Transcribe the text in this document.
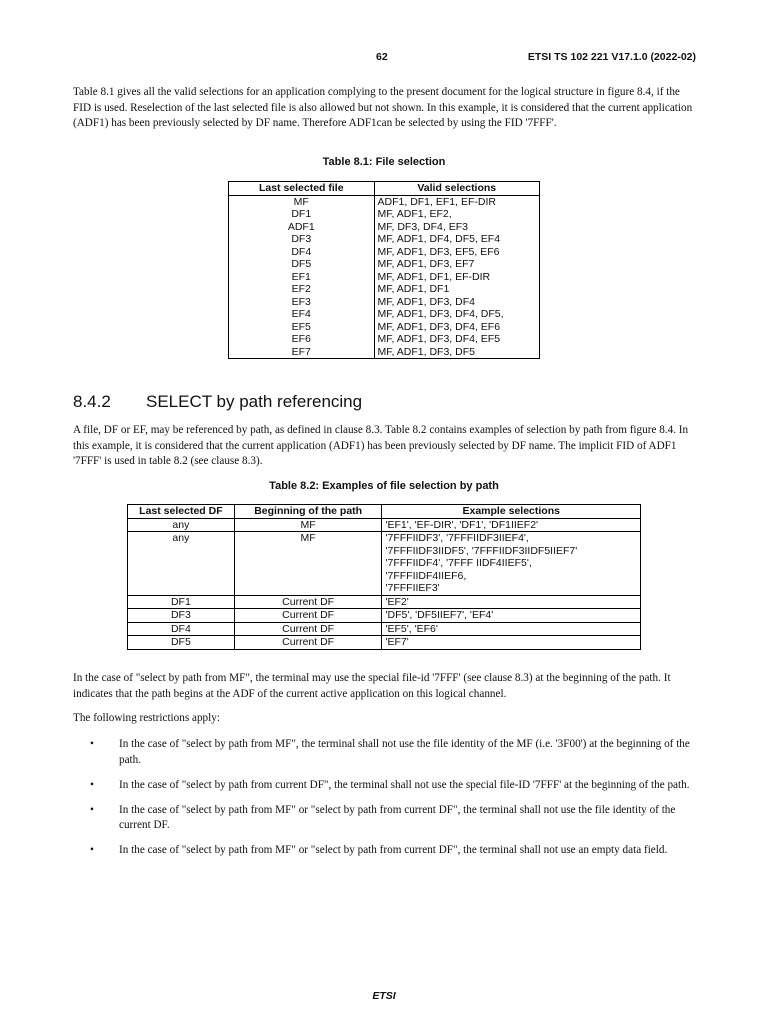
62	ETSI TS 102 221 V17.1.0 (2022-02)
Table 8.1 gives all the valid selections for an application complying to the present document for the logical structure in figure 8.4, if the FID is used. Reselection of the last selected file is also allowed but not shown. In this example, it is considered that the current application (ADF1) has been previously selected by DF name. Therefore ADF1can be selected by using the FID '7FFF'.
Table 8.1: File selection
Last selected file	Valid selections
MF	ADF1, DF1, EF1, EF-DIR
DF1	MF, ADF1, EF2,
ADF1	MF, DF3, DF4, EF3
DF3	MF, ADF1, DF4, DF5, EF4
DF4	MF, ADF1, DF3, EF5, EF6
DF5	MF, ADF1, DF3, EF7
EF1	MF, ADF1, DF1, EF-DIR
EF2	MF, ADF1, DF1
EF3	MF, ADF1, DF3, DF4
EF4	MF, ADF1, DF3, DF4, DF5,
EF5	MF, ADF1, DF3, DF4, EF6
EF6	MF, ADF1, DF3, DF4, EF5
EF7	MF, ADF1, DF3, DF5
8.4.2 SELECT by path referencing
A file, DF or EF, may be referenced by path, as defined in clause 8.3. Table 8.2 contains examples of selection by path from figure 8.4. In this example, it is considered that the current application (ADF1) has been previously selected by DF name. The implicit FID of ADF1 '7FFF' is used in table 8.2 (see clause 8.3).
Table 8.2: Examples of file selection by path
Last selected DF	Beginning of the path	Example selections
any	MF	'EF1', 'EF-DIR', 'DF1', 'DF1IIEF2'

any	MF	'7FFFIIDF3', '7FFFIIDF3IIEF4',
'7FFFIIDF3IIDF5', '7FFFIIDF3IIDF5IIEF7'
'7FFFIIDF4', '7FFF IIDF4IIEF5',
'7FFFIIDF4IIEF6,
'7FFFIIEF3'

DF1	Current DF	'EF2'

DF3	Current DF	'DF5', 'DF5IIEF7', 'EF4'

DF4	Current DF	'EF5', 'EF6'

DF5	Current DF	'EF7'
In the case of "select by path from MF", the terminal may use the special file-id '7FFF' (see clause 8.3) at the beginning of the path. It indicates that the path begins at the ADF of the current active application on this logical channel.
The following restrictions apply:
• In the case of "select by path from MF", the terminal shall not use the file identity of the MF (i.e. '3F00') at the beginning of the path.
• In the case of "select by path from current DF", the terminal shall not use the special file-ID '7FFF' at the beginning of the path.
• In the case of "select by path from MF" or "select by path from current DF", the terminal shall not use the file identity of the current DF.
• In the case of "select by path from MF" or "select by path from current DF", the terminal shall not use an empty data field.
ETSI
